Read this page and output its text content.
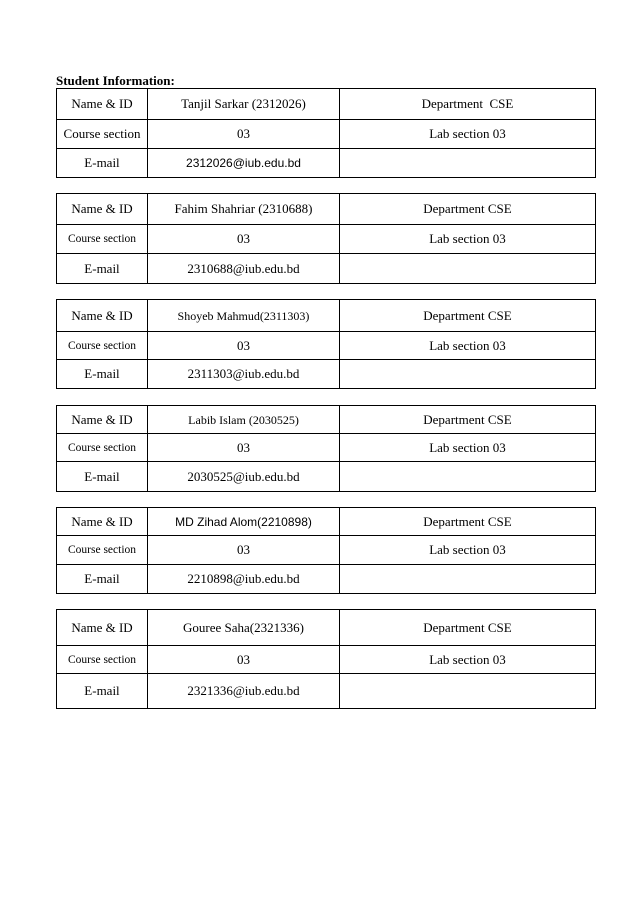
Student Information:
Name & ID	Tanjil Sarkar (2312026)	Department  CSE
Course section	03	Lab section 03
E-mail	2312026@iub.edu.bd	
Name & ID	Fahim Shahriar (2310688)	Department CSE
Course section	03	Lab section 03
E-mail	2310688@iub.edu.bd	
Name & ID	Shoyeb Mahmud(2311303)	Department CSE
Course section	03	Lab section 03
E-mail	2311303@iub.edu.bd	
Name & ID	Labib Islam (2030525)	Department CSE
Course section	03	Lab section 03
E-mail	2030525@iub.edu.bd	
Name & ID	MD Zihad Alom(2210898)	Department CSE
Course section	03	Lab section 03
E-mail	2210898@iub.edu.bd	
Name & ID	Gouree Saha(2321336)	Department CSE
Course section	03	Lab section 03
E-mail	2321336@iub.edu.bd	
